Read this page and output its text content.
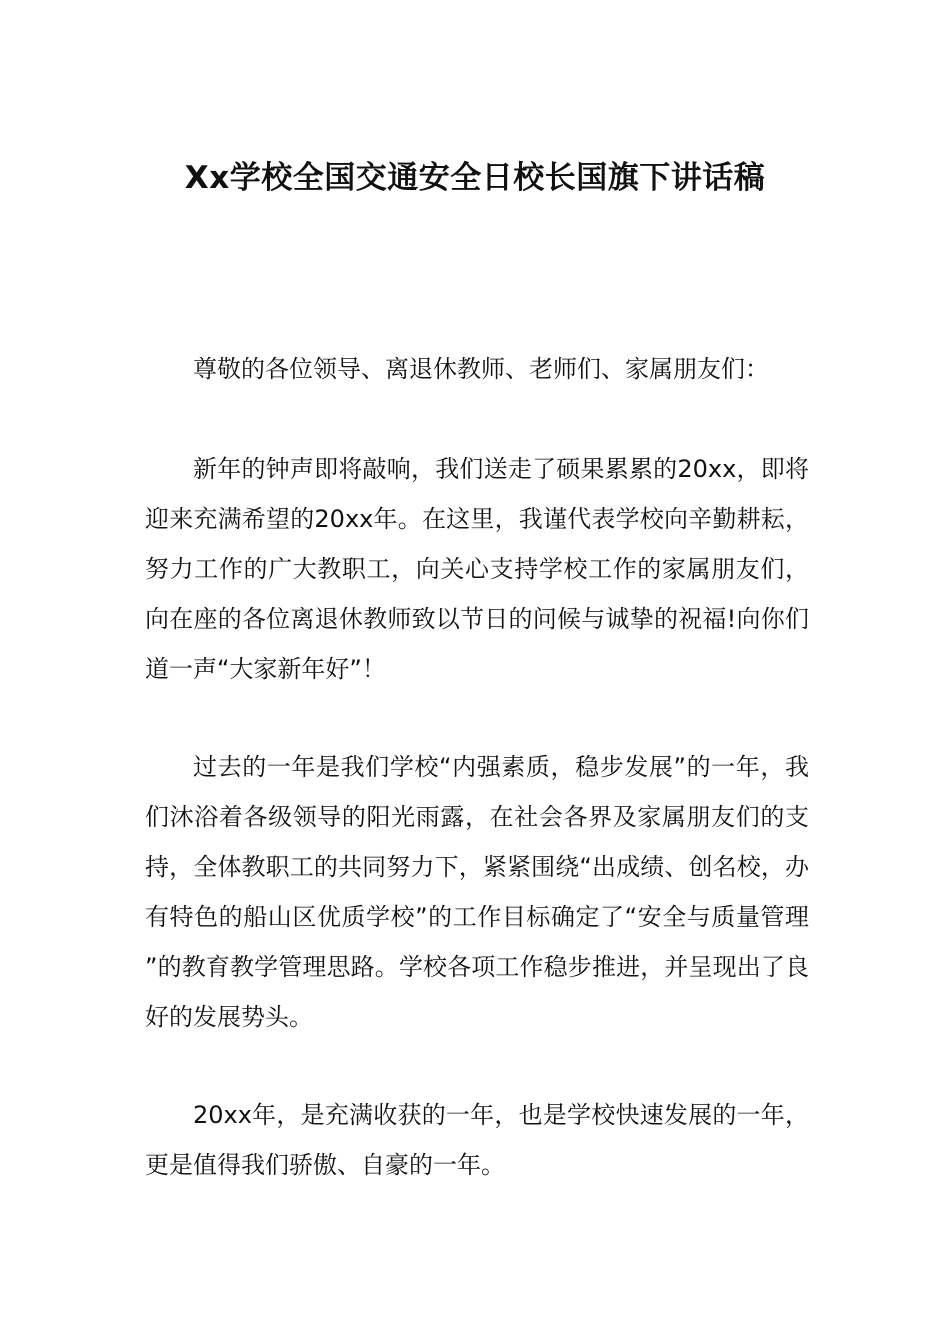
Xx学校全国交通安全日校长国旗下讲话稿

尊敬的各位领导、离退休教师、老师们、家属朋友们：

新年的钟声即将敲响，我们送走了硕果累累的20xx，即将迎来充满希望的20xx年。在这里，我谨代表学校向辛勤耕耘，努力工作的广大教职工，向关心支持学校工作的家属朋友们，向在座的各位离退休教师致以节日的问候与诚挚的祝福!向你们道一声“大家新年好”！

过去的一年是我们学校“内强素质，稳步发展”的一年，我们沐浴着各级领导的阳光雨露，在社会各界及家属朋友们的支持，全体教职工的共同努力下，紧紧围绕“出成绩、创名校，办有特色的船山区优质学校”的工作目标确定了“安全与质量管理 ”的教育教学管理思路。学校各项工作稳步推进，并呈现出了良好的发展势头。

20xx年，是充满收获的一年，也是学校快速发展的一年，更是值得我们骄傲、自豪的一年。
